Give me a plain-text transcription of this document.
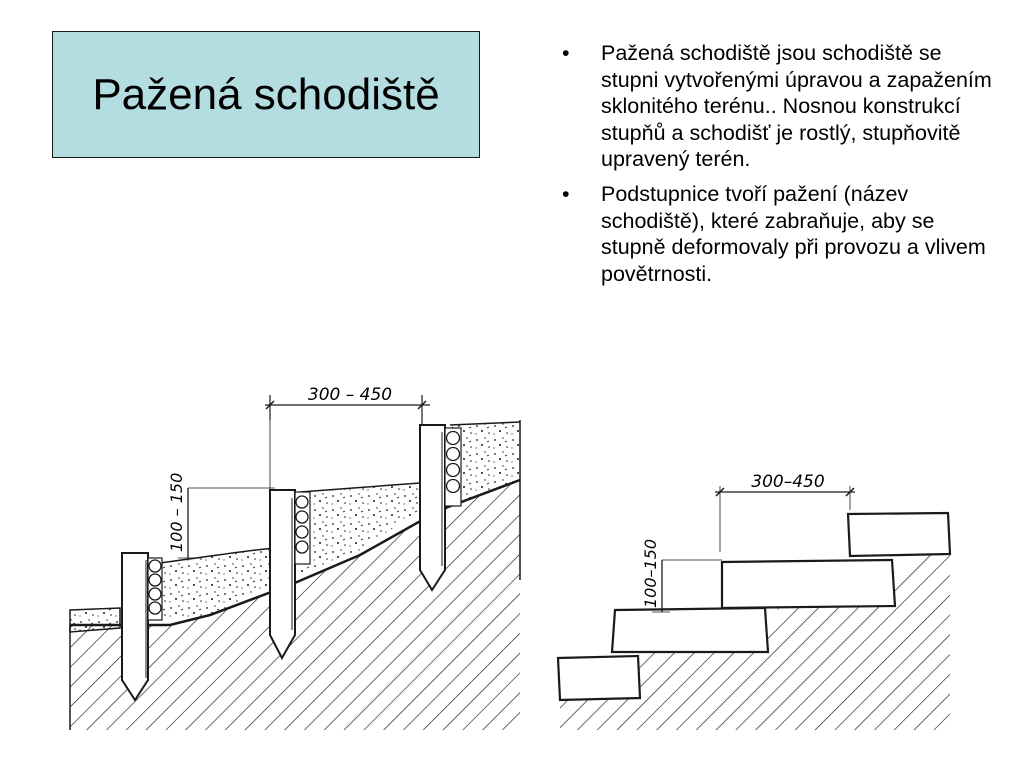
Pažená schodiště
• Pažená schodiště jsou schodiště se stupni vytvořenými úpravou a zapažením sklonitého terénu.. Nosnou konstrukcí stupňů a schodišť je rostlý, stupňovitě upravený terén.
• Podstupnice tvoří pažení (název schodiště), které zabraňuje, aby se stupně deformovaly při provozu a vlivem povětrnosti.
300 – 450
100 – 150	300–450
100–150
